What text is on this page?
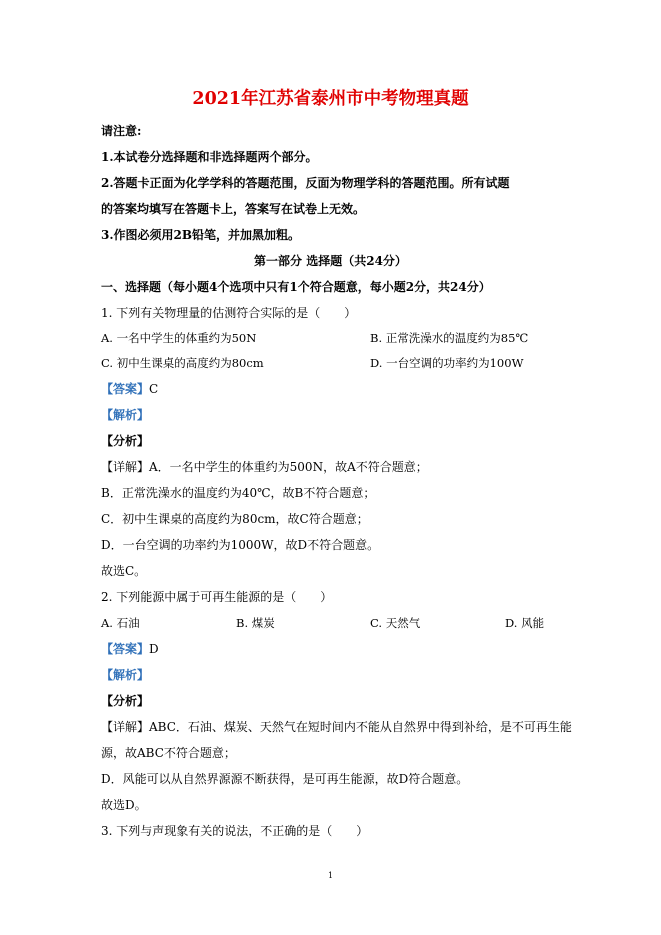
2021年江苏省泰州市中考物理真题
请注意:
1.本试卷分选择题和非选择题两个部分。
2.答题卡正面为化学学科的答题范围，反面为物理学科的答题范围。所有试题
的答案均填写在答题卡上，答案写在试卷上无效。
3.作图必须用2B铅笔，并加黑加粗。
第一部分 选择题（共24分）
一、选择题（每小题4个选项中只有1个符合题意，每小题2分，共24分）
1. 下列有关物理量的估测符合实际的是（　　）
A. 一名中学生的体重约为50N	B. 正常洗澡水的温度约为85℃
C. 初中生课桌的高度约为80cm	D. 一台空调的功率约为100W
【答案】C
【解析】
【分析】
【详解】A．一名中学生的体重约为500N，故A不符合题意；
B．正常洗澡水的温度约为40℃，故B不符合题意；
C．初中生课桌的高度约为80cm，故C符合题意；
D．一台空调的功率约为1000W，故D不符合题意。
故选C。
2. 下列能源中属于可再生能源的是（　　）
A. 石油	B. 煤炭	C. 天然气	D. 风能
【答案】D
【解析】
【分析】
【详解】ABC．石油、煤炭、天然气在短时间内不能从自然界中得到补给，是不可再生能
源，故ABC不符合题意；
D．风能可以从自然界源源不断获得，是可再生能源，故D符合题意。
故选D。
3. 下列与声现象有关的说法，不正确的是（　　）
1
